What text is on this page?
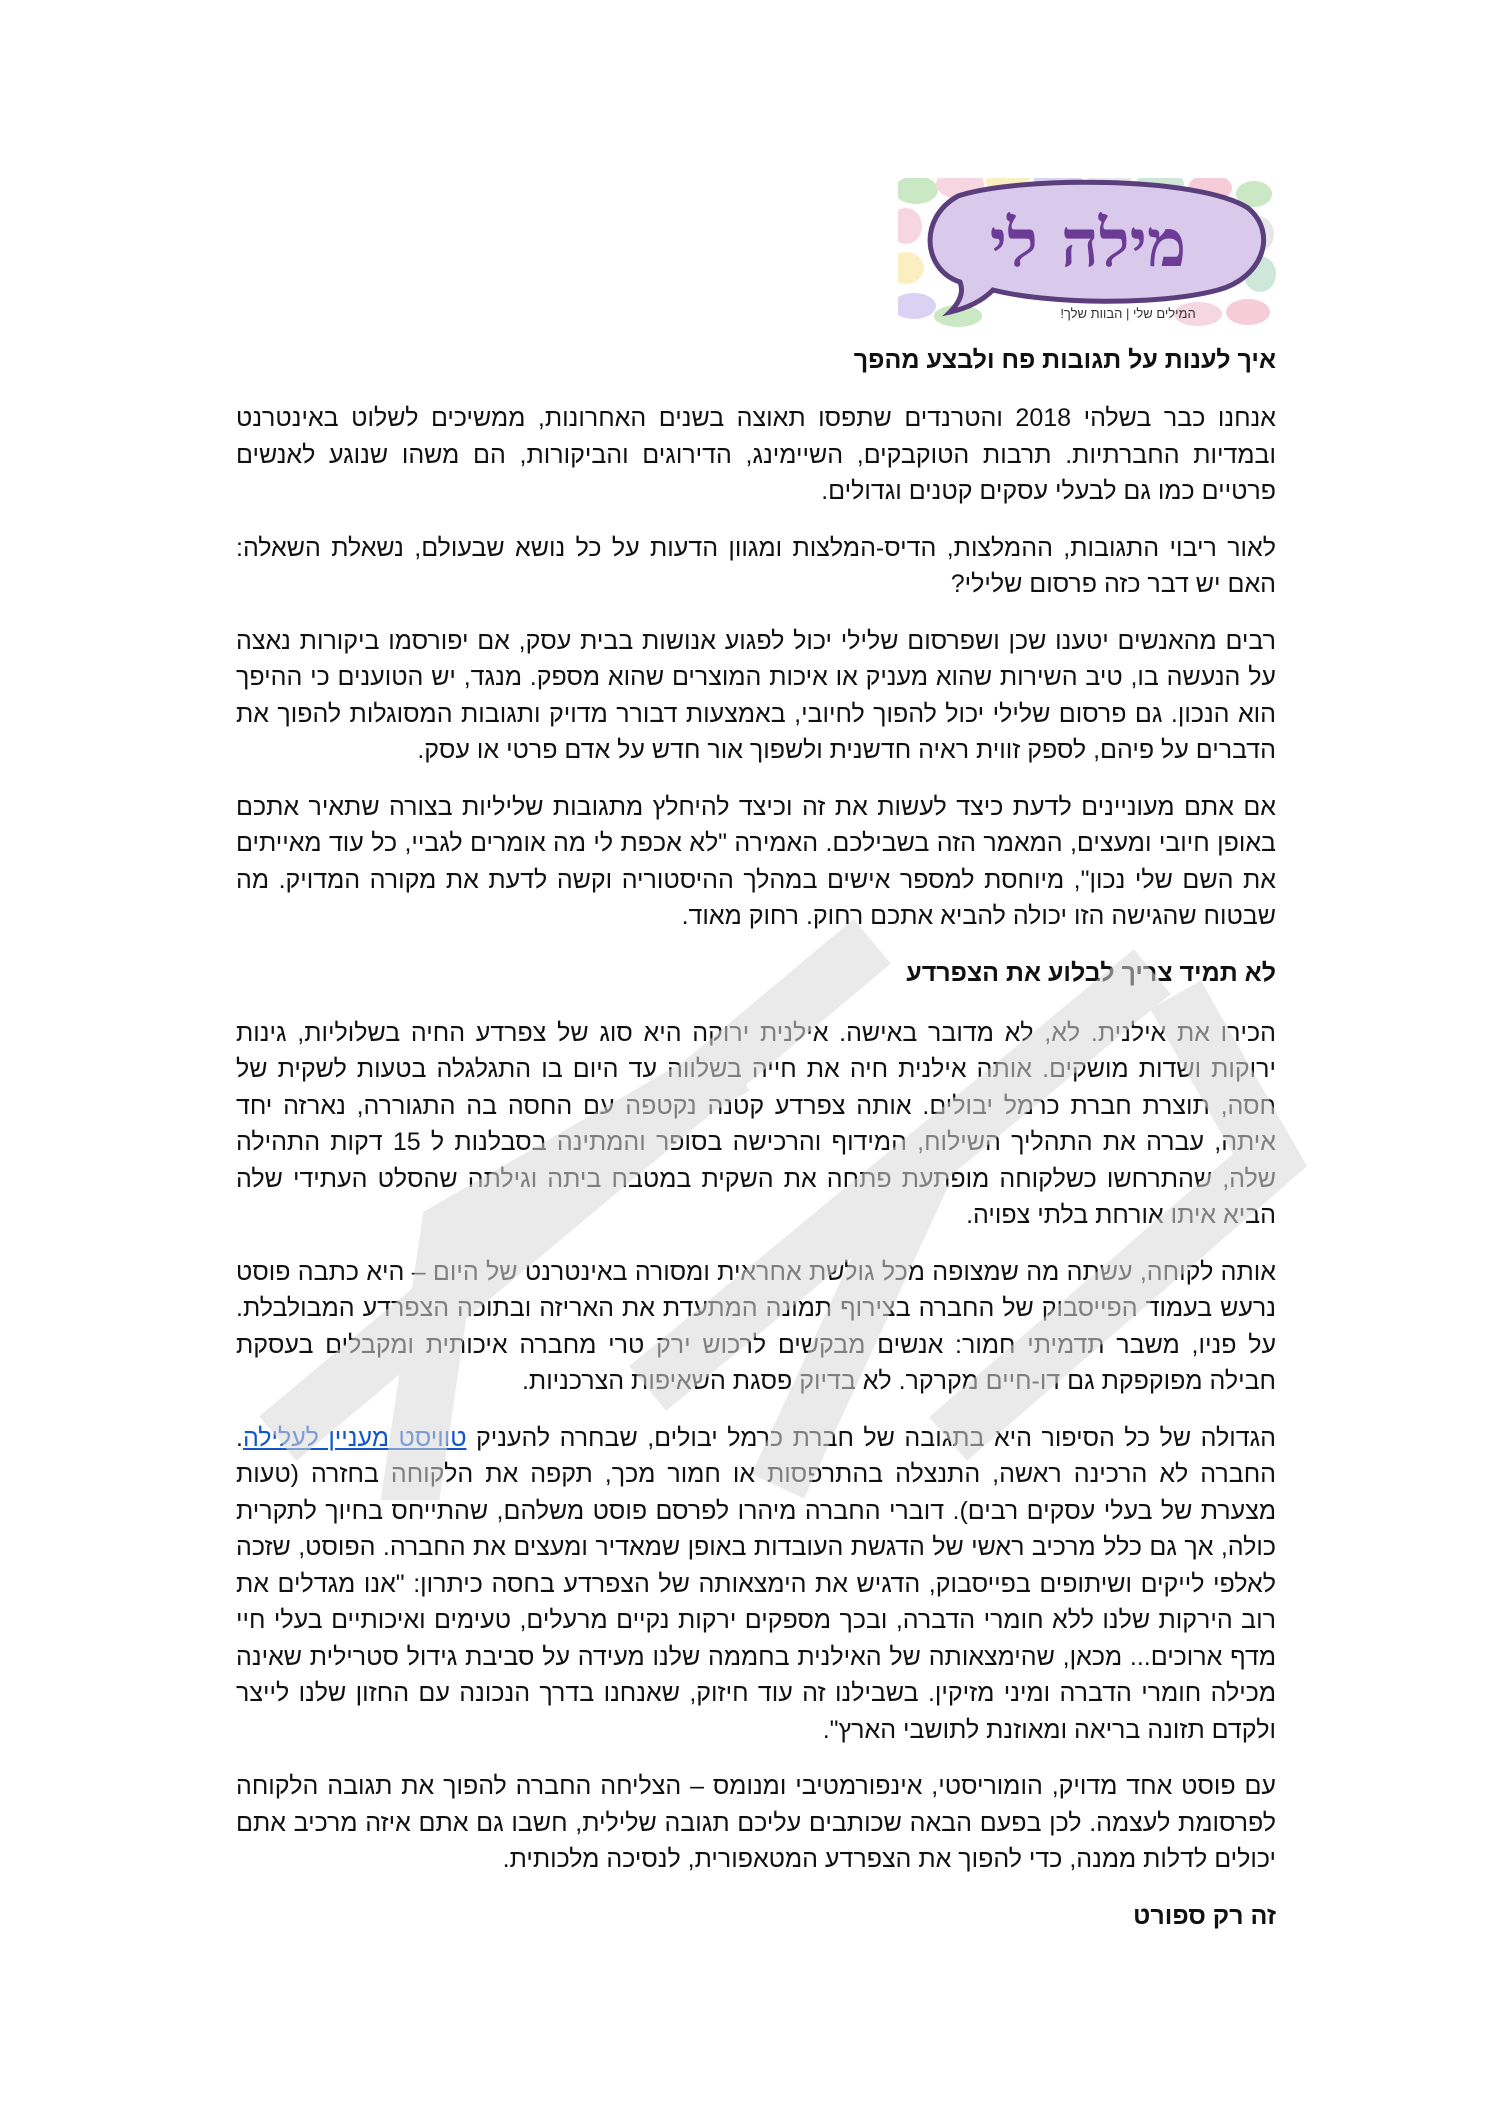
מילה לי
המילים שלי | הבוות שלך!
איך לענות על תגובות פח ולבצע מהפך

אנחנו כבר בשלהי 2018 והטרנדים שתפסו תאוצה בשנים האחרונות, ממשיכים לשלוט באינטרנט ובמדיות החברתיות. תרבות הטוקבקים, השיימינג, הדירוגים והביקורות, הם משהו שנוגע לאנשים פרטיים כמו גם לבעלי עסקים קטנים וגדולים.

לאור ריבוי התגובות, ההמלצות, הדיס-המלצות ומגוון הדעות על כל נושא שבעולם, נשאלת השאלה: האם יש דבר כזה פרסום שלילי?

רבים מהאנשים יטענו שכן ושפרסום שלילי יכול לפגוע אנושות בבית עסק, אם יפורסמו ביקורות נאצה על הנעשה בו, טיב השירות שהוא מעניק או איכות המוצרים שהוא מספק. מנגד, יש הטוענים כי ההיפך הוא הנכון. גם פרסום שלילי יכול להפוך לחיובי, באמצעות דבורר מדויק ותגובות המסוגלות להפוך את הדברים על פיהם, לספק זווית ראיה חדשנית ולשפוך אור חדש על אדם פרטי או עסק.

אם אתם מעוניינים לדעת כיצד לעשות את זה וכיצד להיחלץ מתגובות שליליות בצורה שתאיר אתכם באופן חיובי ומעצים, המאמר הזה בשבילכם. האמירה "לא אכפת לי מה אומרים לגביי, כל עוד מאייתים את השם שלי נכון", מיוחסת למספר אישים במהלך ההיסטוריה וקשה לדעת את מקורה המדויק. מה שבטוח שהגישה הזו יכולה להביא אתכם רחוק. רחוק מאוד.

לא תמיד צריך לבלוע את הצפרדע

הכירו את אילנית. לא, לא מדובר באישה. אילנית ירוקה היא סוג של צפרדע החיה בשלוליות, גינות ירוקות ושדות מושקים. אותה אילנית חיה את חייה בשלווה עד היום בו התגלגלה בטעות לשקית של חסה, תוצרת חברת כרמל יבולים. אותה צפרדע קטנה נקטפה עם החסה בה התגוררה, נארזה יחד איתה, עברה את התהליך השילוח, המידוף והרכישה בסופר והמתינה בסבלנות ל 15 דקות התהילה שלה, שהתרחשו כשלקוחה מופתעת פתחה את השקית במטבח ביתה וגילתה שהסלט העתידי שלה הביא איתו אורחת בלתי צפויה.

אותה לקוחה, עשתה מה שמצופה מכל גולשת אחראית ומסורה באינטרנט של היום – היא כתבה פוסט נרעש בעמוד הפייסבוק של החברה בצירוף תמונה המתעדת את האריזה ובתוכה הצפרדע המבולבלת. על פניו, משבר תדמיתי חמור: אנשים מבקשים לרכוש ירק טרי מחברה איכותית ומקבלים בעסקת חבילה מפוקפקת גם דו-חיים מקרקר. לא בדיוק פסגת השאיפות הצרכניות.

הגדולה של כל הסיפור היא בתגובה של חברת כרמל יבולים, שבחרה להעניק טוויסט מעניין לעלילה. החברה לא הרכינה ראשה, התנצלה בהתרפסות או חמור מכך, תקפה את הלקוחה בחזרה (טעות מצערת של בעלי עסקים רבים). דוברי החברה מיהרו לפרסם פוסט משלהם, שהתייחס בחיוך לתקרית כולה, אך גם כלל מרכיב ראשי של הדגשת העובדות באופן שמאדיר ומעצים את החברה. הפוסט, שזכה לאלפי לייקים ושיתופים בפייסבוק, הדגיש את הימצאותה של הצפרדע בחסה כיתרון: "אנו מגדלים את רוב הירקות שלנו ללא חומרי הדברה, ובכך מספקים ירקות נקיים מרעלים, טעימים ואיכותיים בעלי חיי מדף ארוכים... מכאן, שהימצאותה של האילנית בחממה שלנו מעידה על סביבת גידול סטרילית שאינה מכילה חומרי הדברה ומיני מזיקין. בשבילנו זה עוד חיזוק, שאנחנו בדרך הנכונה עם החזון שלנו לייצר ולקדם תזונה בריאה ומאוזנת לתושבי הארץ".

עם פוסט אחד מדויק, הומוריסטי, אינפורמטיבי ומנומס – הצליחה החברה להפוך את תגובה הלקוחה לפרסומת לעצמה. לכן בפעם הבאה שכותבים עליכם תגובה שלילית, חשבו גם אתם איזה מרכיב אתם יכולים לדלות ממנה, כדי להפוך את הצפרדע המטאפורית, לנסיכה מלכותית.

זה רק ספורט
